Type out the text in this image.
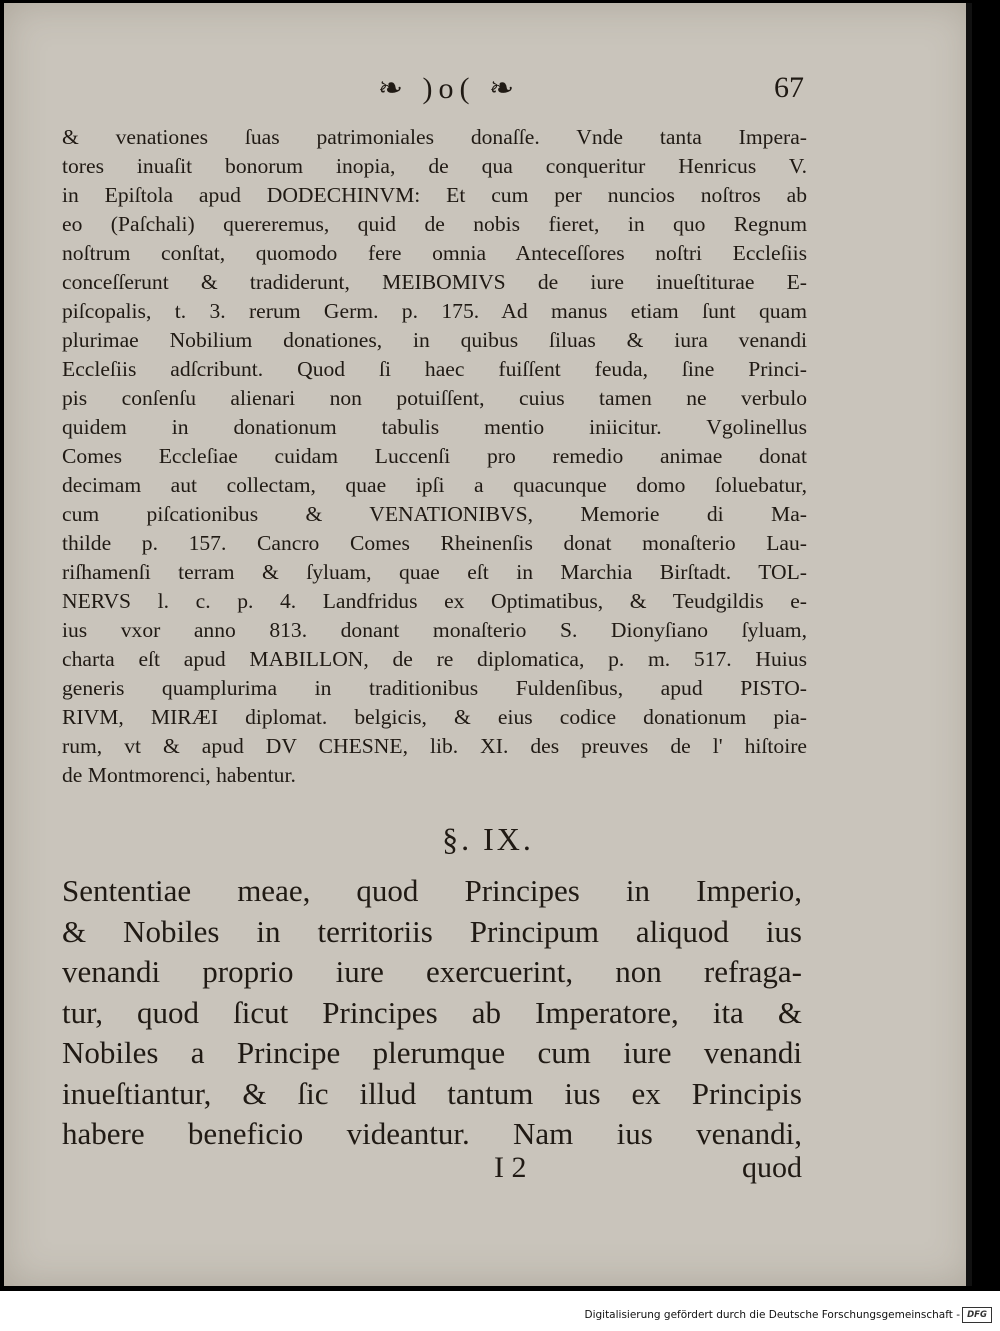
❧ )o( ❧	67
& venationes ſuas patrimoniales donaſſe. Vnde tanta Impera-
tores inuaſit bonorum inopia, de qua conqueritur Henricus V.
in Epiſtola apud DODECHINVM: Et cum per nuncios noſtros ab
eo (Paſchali) quereremus, quid de nobis fieret, in quo Regnum
noſtrum conſtat, quomodo fere omnia Anteceſſores noſtri Eccleſiis
conceſſerunt & tradiderunt, MEIBOMIVS de iure inueſtiturae E-
piſcopalis, t. 3. rerum Germ. p. 175. Ad manus etiam ſunt quam
plurimae Nobilium donationes, in quibus ſiluas & iura venandi
Eccleſiis adſcribunt. Quod ſi haec fuiſſent feuda, ſine Princi-
pis conſenſu alienari non potuiſſent, cuius tamen ne verbulo
quidem in donationum tabulis mentio iniicitur. Vgolinellus
Comes Eccleſiae cuidam Luccenſi pro remedio animae donat
decimam aut collectam, quae ipſi a quacunque domo ſoluebatur,
cum piſcationibus & VENATIONIBVS, Memorie di Ma-
thilde p. 157. Cancro Comes Rheinenſis donat monaſterio Lau-
riſhamenſi terram & ſyluam, quae eſt in Marchia Birſtadt. TOL-
NERVS l. c. p. 4. Landfridus ex Optimatibus, & Teudgildis e-
ius vxor anno 813. donant monaſterio S. Dionyſiano ſyluam,
charta eſt apud MABILLON, de re diplomatica, p. m. 517. Huius
generis quamplurima in traditionibus Fuldenſibus, apud PISTO-
RIVM, MIRÆI diplomat. belgicis, & eius codice donationum pia-
rum, vt & apud DV CHESNE, lib. XI. des preuves de l' hiſtoire
de Montmorenci, habentur.
§. IX.
Sententiae meae, quod Principes in Imperio,
& Nobiles in territoriis Principum aliquod ius
venandi proprio iure exercuerint, non refraga-
tur, quod ſicut Principes ab Imperatore, ita &
Nobiles a Principe plerumque cum iure venandi
inueſtiantur, & ſic illud tantum ius ex Principis
habere beneficio videantur. Nam ius venandi,
I 2	quod
Digitalisierung gefördert durch die Deutsche Forschungsgemeinschaft - DFG
